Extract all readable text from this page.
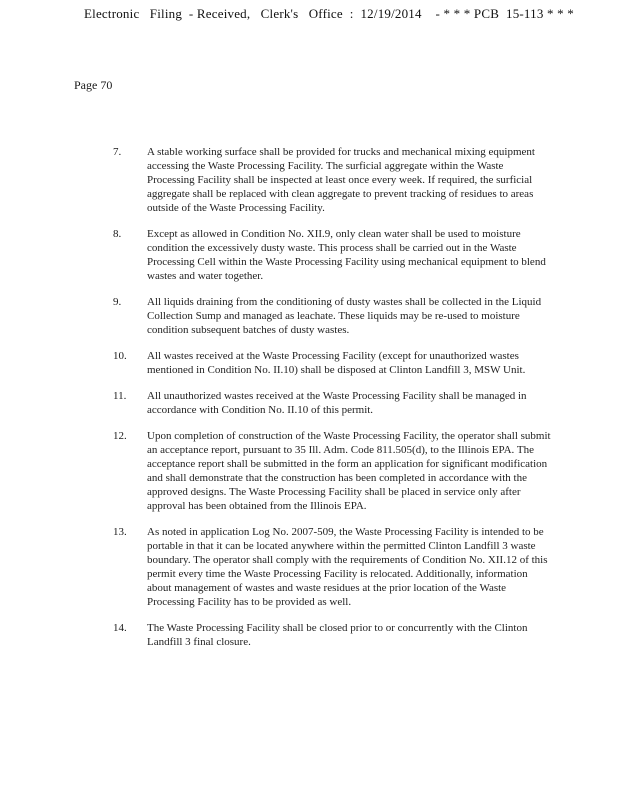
Electronic   Filing  - Received,   Clerk's   Office  :  12/19/2014    - * * * PCB  15-113 * * *
Page 70
7.	A stable working surface shall be provided for trucks and mechanical mixing equipment accessing the Waste Processing Facility. The surficial aggregate within the Waste Processing Facility shall be inspected at least once every week. If required, the surficial aggregate shall be replaced with clean aggregate to prevent tracking of residues to areas outside of the Waste Processing Facility.
8.	Except as allowed in Condition No. XII.9, only clean water shall be used to moisture condition the excessively dusty waste. This process shall be carried out in the Waste Processing Cell within the Waste Processing Facility using mechanical equipment to blend wastes and water together.
9.	All liquids draining from the conditioning of dusty wastes shall be collected in the Liquid Collection Sump and managed as leachate. These liquids may be re-used to moisture condition subsequent batches of dusty wastes.
10.	All wastes received at the Waste Processing Facility (except for unauthorized wastes mentioned in Condition No. II.10) shall be disposed at Clinton Landfill 3, MSW Unit.
11.	All unauthorized wastes received at the Waste Processing Facility shall be managed in accordance with Condition No. II.10 of this permit.
12.	Upon completion of construction of the Waste Processing Facility, the operator shall submit an acceptance report, pursuant to 35 Ill. Adm. Code 811.505(d), to the Illinois EPA. The acceptance report shall be submitted in the form an application for significant modification and shall demonstrate that the construction has been completed in accordance with the approved designs. The Waste Processing Facility shall be placed in service only after approval has been obtained from the Illinois EPA.
13.	As noted in application Log No. 2007-509, the Waste Processing Facility is intended to be portable in that it can be located anywhere within the permitted Clinton Landfill 3 waste boundary. The operator shall comply with the requirements of Condition No. XII.12 of this permit every time the Waste Processing Facility is relocated. Additionally, information about management of wastes and waste residues at the prior location of the Waste Processing Facility has to be provided as well.
14.	The Waste Processing Facility shall be closed prior to or concurrently with the Clinton Landfill 3 final closure.
